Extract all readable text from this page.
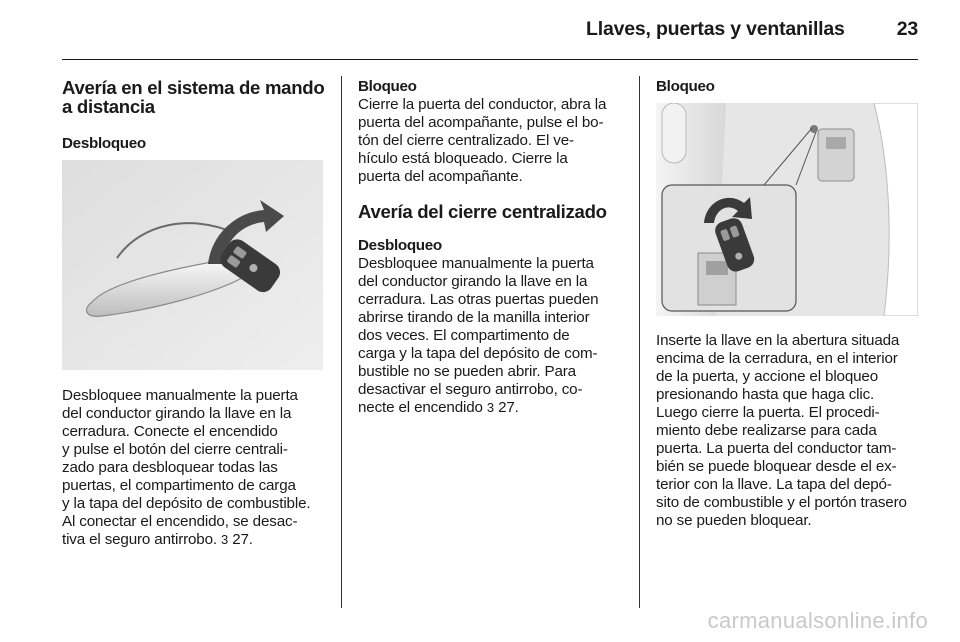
Llaves, puertas y ventanillas	23
Avería en el sistema de mando a distancia
Desbloqueo

Desbloquee manualmente la puerta

del conductor girando la llave en la

cerradura. Conecte el encendido

y pulse el botón del cierre centrali-

zado para desbloquear todas las

puertas, el compartimento de carga

y la tapa del depósito de combustible.

Al conectar el encendido, se desac-

tiva el seguro antirrobo. 3 27.

Bloqueo

Cierre la puerta del conductor, abra la

puerta del acompañante, pulse el bo-

tón del cierre centralizado. El ve-

hículo está bloqueado. Cierre la

puerta del acompañante.

Avería del cierre centralizado
Desbloqueo

Desbloquee manualmente la puerta

del conductor girando la llave en la

cerradura. Las otras puertas pueden

abrirse tirando de la manilla interior

dos veces. El compartimento de

carga y la tapa del depósito de com-

bustible no se pueden abrir. Para

desactivar el seguro antirrobo, co-

necte el encendido 3 27.

Bloqueo

Inserte la llave en la abertura situada

encima de la cerradura, en el interior

de la puerta, y accione el bloqueo

presionando hasta que haga clic.

Luego cierre la puerta. El procedi-

miento debe realizarse para cada

puerta. La puerta del conductor tam-

bién se puede bloquear desde el ex-

terior con la llave. La tapa del depó-

sito de combustible y el portón trasero

no se pueden bloquear.

carmanualsonline.info
